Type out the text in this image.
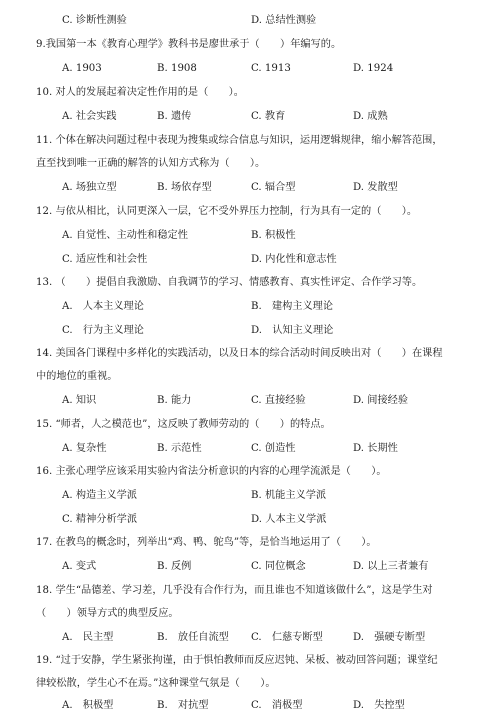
C. 诊断性测验	D. 总结性测验
9.我国第一本《教育心理学》教科书是廖世承于（　　）年编写的。
A. 1903	B. 1908	C. 1913	D. 1924
10. 对人的发展起着决定性作用的是（　　）。
A. 社会实践	B. 遗传	C. 教育	D. 成熟
11. 个体在解决问题过程中表现为搜集或综合信息与知识，运用逻辑规律，缩小解答范围，
直至找到唯一正确的解答的认知方式称为（　　）。
A. 场独立型	B. 场依存型	C. 辐合型	D. 发散型
12. 与依从相比，认同更深入一层，它不受外界压力控制，行为具有一定的（　　）。
A. 自觉性、主动性和稳定性	B. 积极性
C. 适应性和社会性	D. 内化性和意志性
13. （　　）提倡自我激励、自我调节的学习、情感教育、真实性评定、合作学习等。
A.　人本主义理论	B.　建构主义理论
C.　行为主义理论	D.　认知主义理论
14. 美国各门课程中多样化的实践活动，以及日本的综合活动时间反映出对（　　）在课程
中的地位的重视。
A. 知识	B. 能力	C. 直接经验	D. 间接经验
15. “师者，人之模范也”，这反映了教师劳动的（　　）的特点。
A. 复杂性	B. 示范性	C. 创造性	D. 长期性
16. 主张心理学应该采用实验内省法分析意识的内容的心理学流派是（　　）。
A. 构造主义学派	B. 机能主义学派
C. 精神分析学派	D. 人本主义学派
17. 在教鸟的概念时，列举出“鸡、鸭、鸵鸟”等，是恰当地运用了（　　）。
A. 变式	B. 反例	C. 同位概念	D. 以上三者兼有
18. 学生“品德差、学习差，几乎没有合作行为，而且谁也不知道该做什么”，这是学生对
（　　）领导方式的典型反应。
A.　民主型	B.　放任自流型 C.　仁慈专断型	D.　强硬专断型
19. “过于安静，学生紧张拘谨，由于惧怕教师而反应迟钝、呆板、被动回答问题；课堂纪
律较松散，学生心不在焉。”这种课堂气氛是（　　）。
A.　积极型	B.　对抗型	C.　消极型	D.　失控型
